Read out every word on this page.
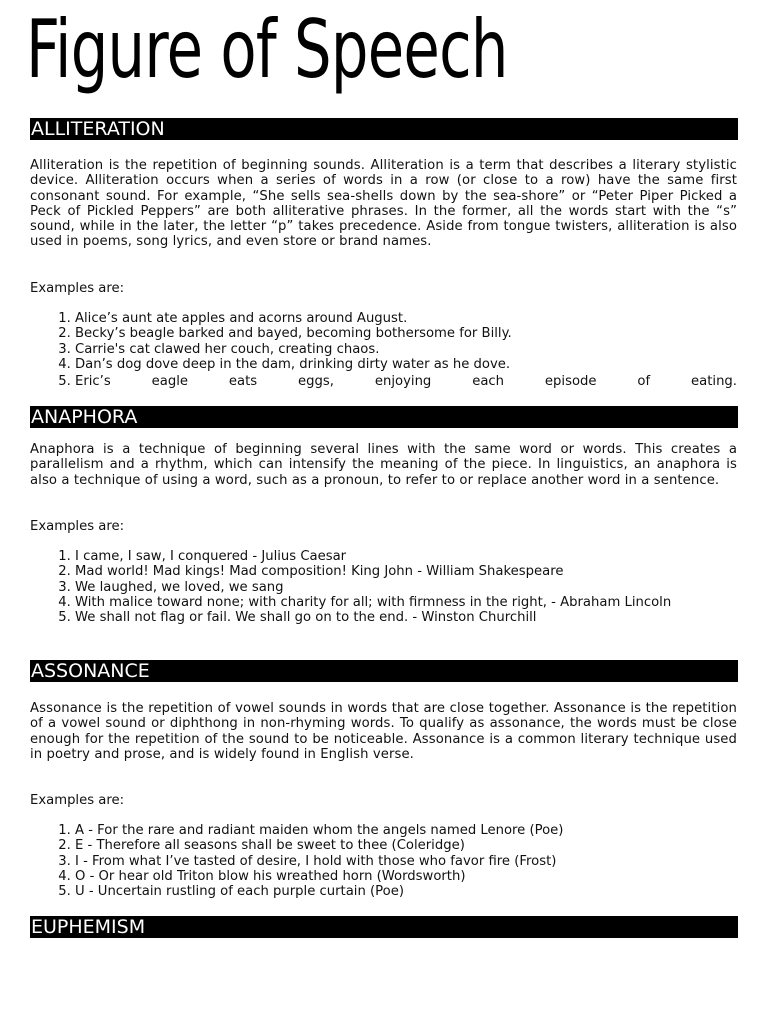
Figure of Speech
ALLITERATION
Alliteration is the repetition of beginning sounds. Alliteration is a term that describes a literary stylistic device. Alliteration occurs when a series of words in a row (or close to a row) have the same first consonant sound. For example, “She sells sea-shells down by the sea-shore” or “Peter Piper Picked a Peck of Pickled Peppers” are both alliterative phrases. In the former, all the words start with the “s” sound, while in the later, the letter “p” takes precedence. Aside from tongue twisters, alliteration is also used in poems, song lyrics, and even store or brand names.
Examples are:
1. Alice’s aunt ate apples and acorns around August.
2. Becky’s beagle barked and bayed, becoming bothersome for Billy.
3. Carrie's cat clawed her couch, creating chaos.
4. Dan’s dog dove deep in the dam, drinking dirty water as he dove.
5. Eric’s eagle eats eggs, enjoying each episode of eating.
ANAPHORA
Anaphora is a technique of beginning several lines with the same word or words. This creates a parallelism and a rhythm, which can intensify the meaning of the piece. In linguistics, an anaphora is also a technique of using a word, such as a pronoun, to refer to or replace another word in a sentence.
Examples are:
1. I came, I saw, I conquered - Julius Caesar
2. Mad world! Mad kings! Mad composition! King John - William Shakespeare
3. We laughed, we loved, we sang
4. With malice toward none; with charity for all; with firmness in the right, - Abraham Lincoln
5. We shall not flag or fail. We shall go on to the end. - Winston Churchill
ASSONANCE
Assonance is the repetition of vowel sounds in words that are close together. Assonance is the repetition of a vowel sound or diphthong in non-rhyming words. To qualify as assonance, the words must be close enough for the repetition of the sound to be noticeable. Assonance is a common literary technique used in poetry and prose, and is widely found in English verse.
Examples are:
1. A - For the rare and radiant maiden whom the angels named Lenore (Poe)
2. E - Therefore all seasons shall be sweet to thee (Coleridge)
3. I - From what I’ve tasted of desire, I hold with those who favor fire (Frost)
4. O - Or hear old Triton blow his wreathed horn (Wordsworth)
5. U - Uncertain rustling of each purple curtain (Poe)
EUPHEMISM
